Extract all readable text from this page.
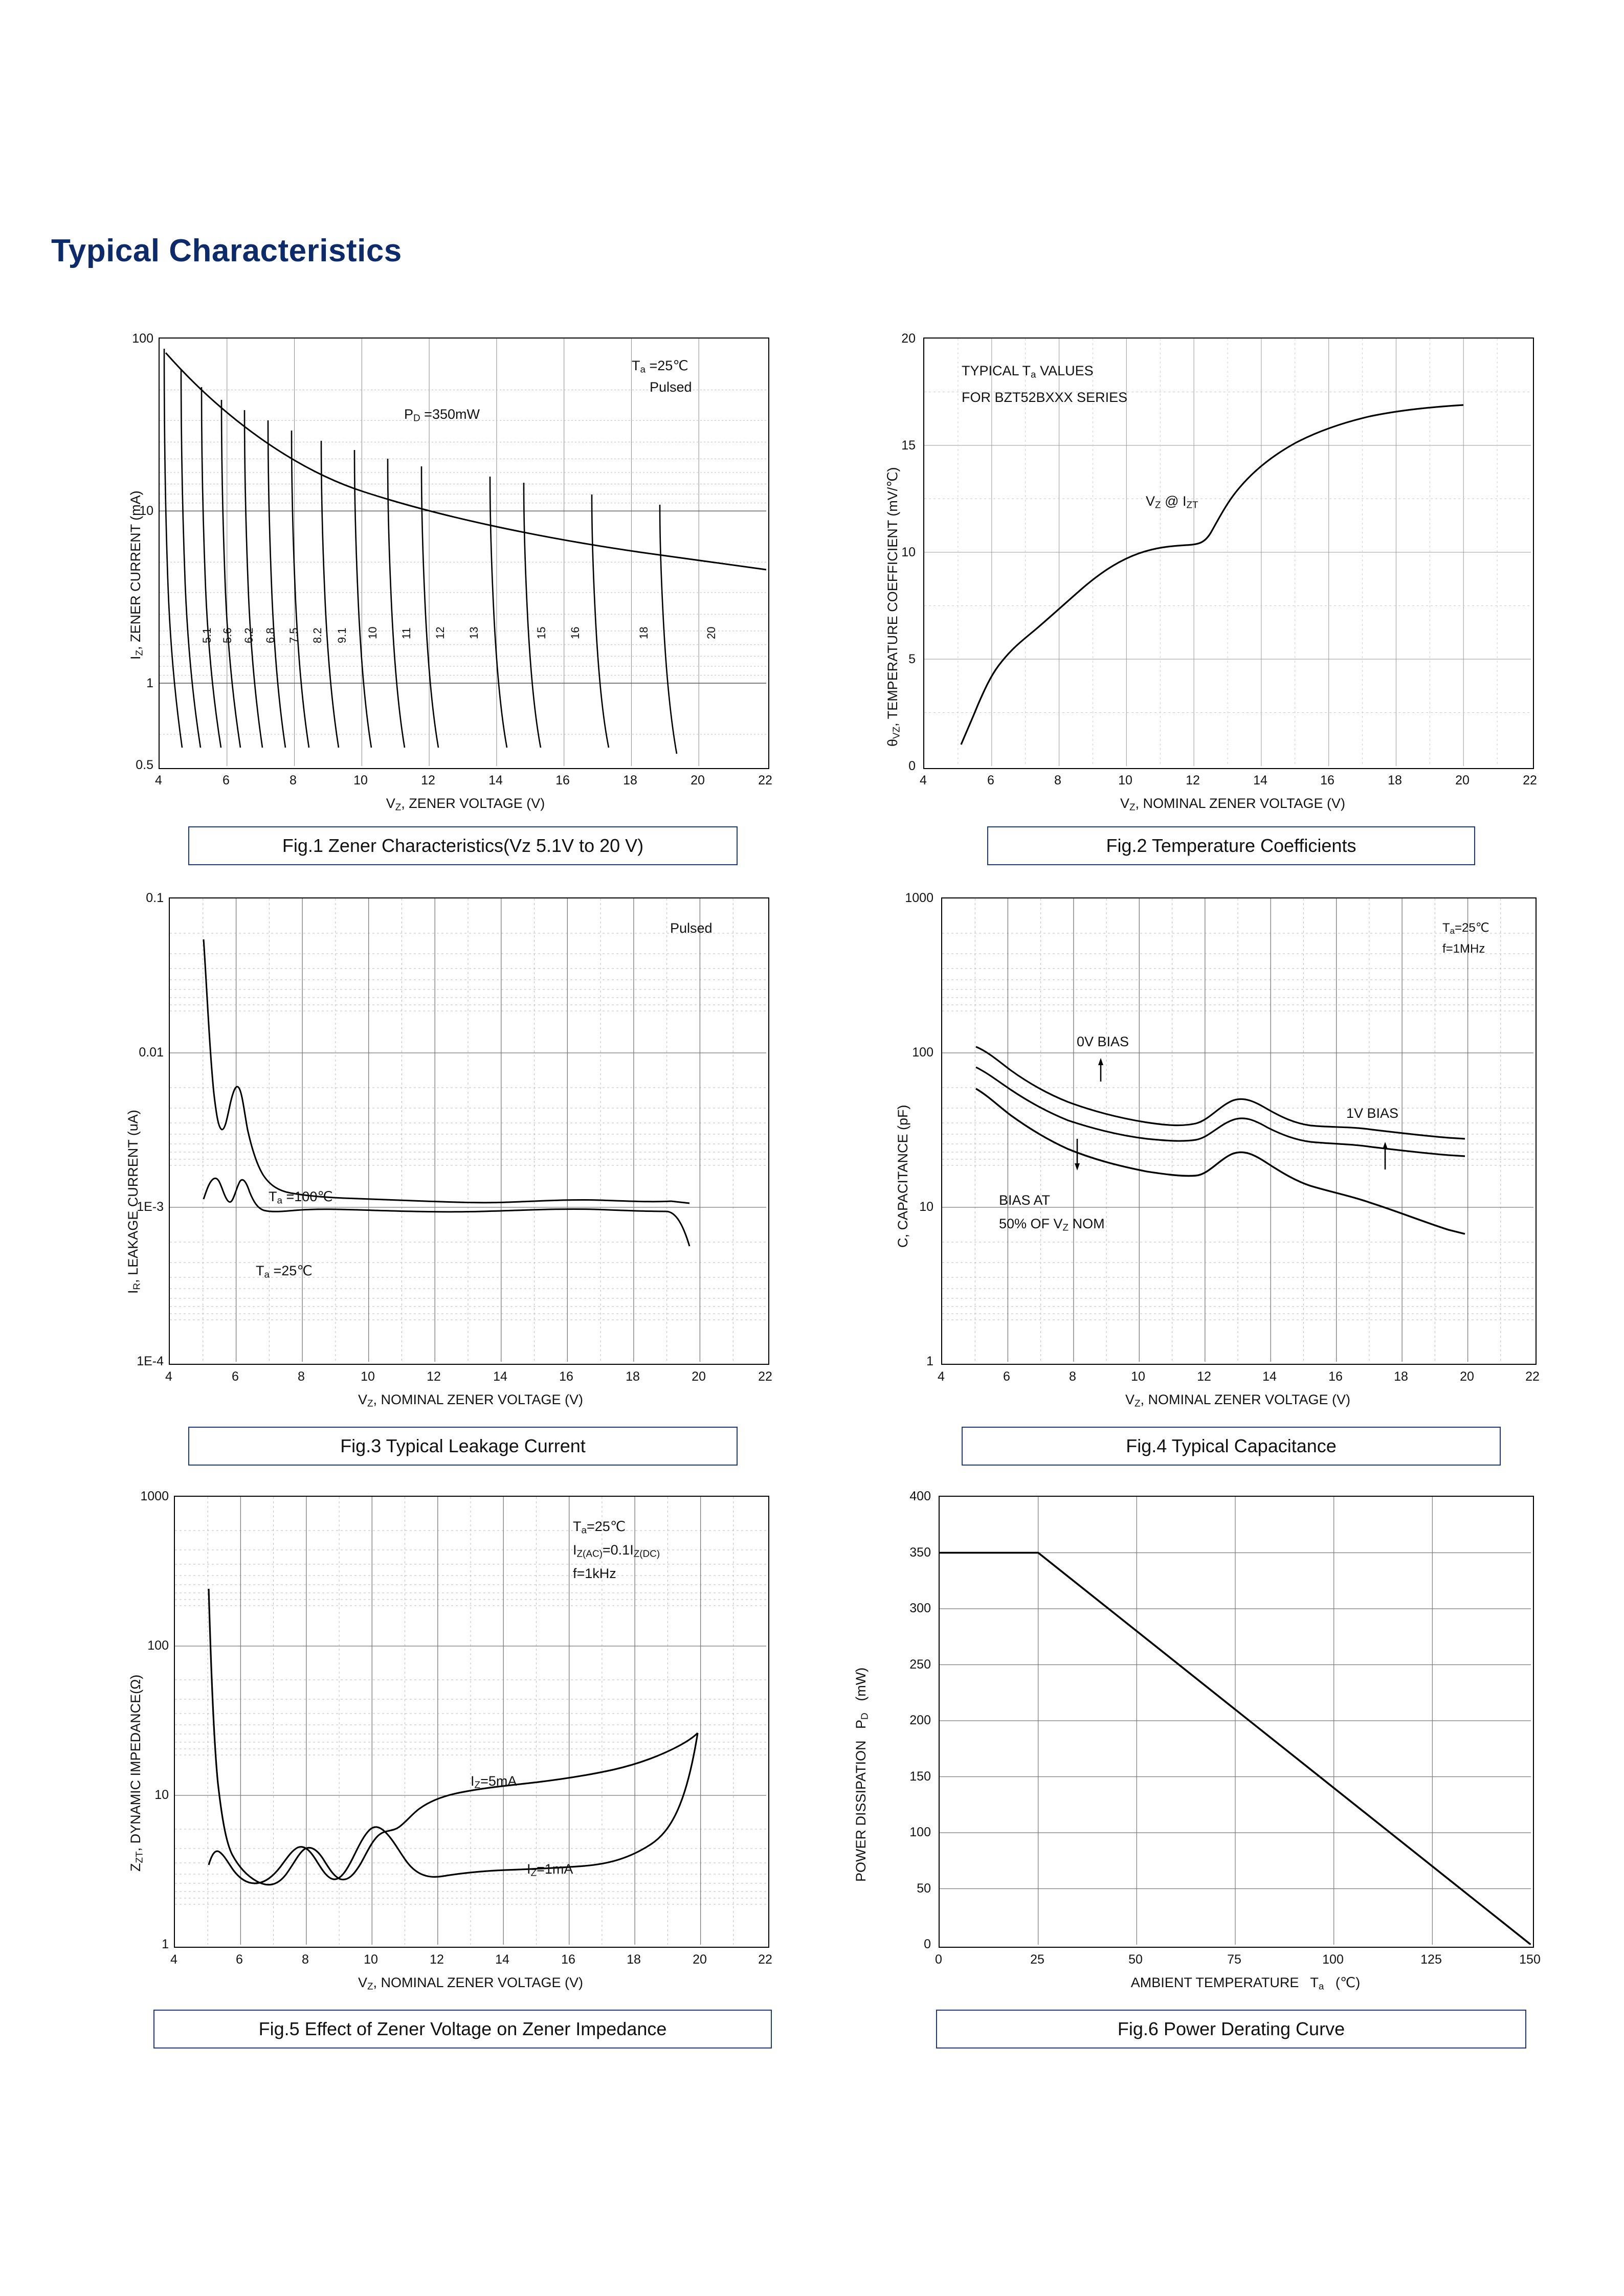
Typical Characteristics
$T_a$ =25℃
Pulsed
$P_D =350mW$
5.1 5.6 6.2 6.8 7.5 8.2 9.1 10 11 12 13	15 16	18	20
100
10
1
0.5
4	6	8	10	12	14	16	18	20	22
$V_Z$, ZENER VOLTAGE (V)
$I_Z$, ZENER CURRENT (mA)
Fig.1 Zener Characteristics(Vz 5.1V to 20 V)
TYPICAL $T_a$ VALUES
FOR BZT52BXXX SERIES
$V_Z$ @ $I_{ZT}$
20
15
10
5
0
4	6	8	10	12	14	16	18	20	22
$V_Z$, NOMINAL ZENER VOLTAGE (V)
$\theta_{VZ}$, TEMPERATURE COEFFICIENT (mV/℃)
Fig.2 Temperature Coefficients
Pulsed
$T_a$ =100℃
$T_a$ =25℃
0.1
0.01
1E-3
1E-4
4	6	8	10	12	14	16	18	20	22
$V_Z$, NOMINAL ZENER VOLTAGE (V)
$I_R$, LEAKAGE CURRENT (uA)
Fig.3 Typical Leakage Current
$T_a=25℃$
f=1MHz
0V BIAS
1V BIAS
BIAS AT
50% OF $V_Z$ NOM
1000
100
10
1
4	6	8	10	12	14	16	18	20	22
$V_Z$, NOMINAL ZENER VOLTAGE (V)
C, CAPACITANCE (pF)
Fig.4 Typical Capacitance
$T_a=25℃$
$I_{Z(AC)}=0.1I_{Z(DC)}$
f=1kHz
$I_Z=5mA$
$I_Z=1mA$
1000
100
10
1
4	6	8	10	12	14	16	18	20	22
$V_Z$, NOMINAL ZENER VOLTAGE (V)
$Z_{ZT}$, DYNAMIC IMPEDANCE(Ω)
Fig.5 Effect of Zener Voltage on Zener Impedance
400
350
300
250
200
150
100
50
0
0	25	50	75	100	125	150
AMBIENT TEMPERATURE   $T_a$   (℃)
POWER DISSIPATION   $P_D$   (mW)
Fig.6 Power Derating Curve
